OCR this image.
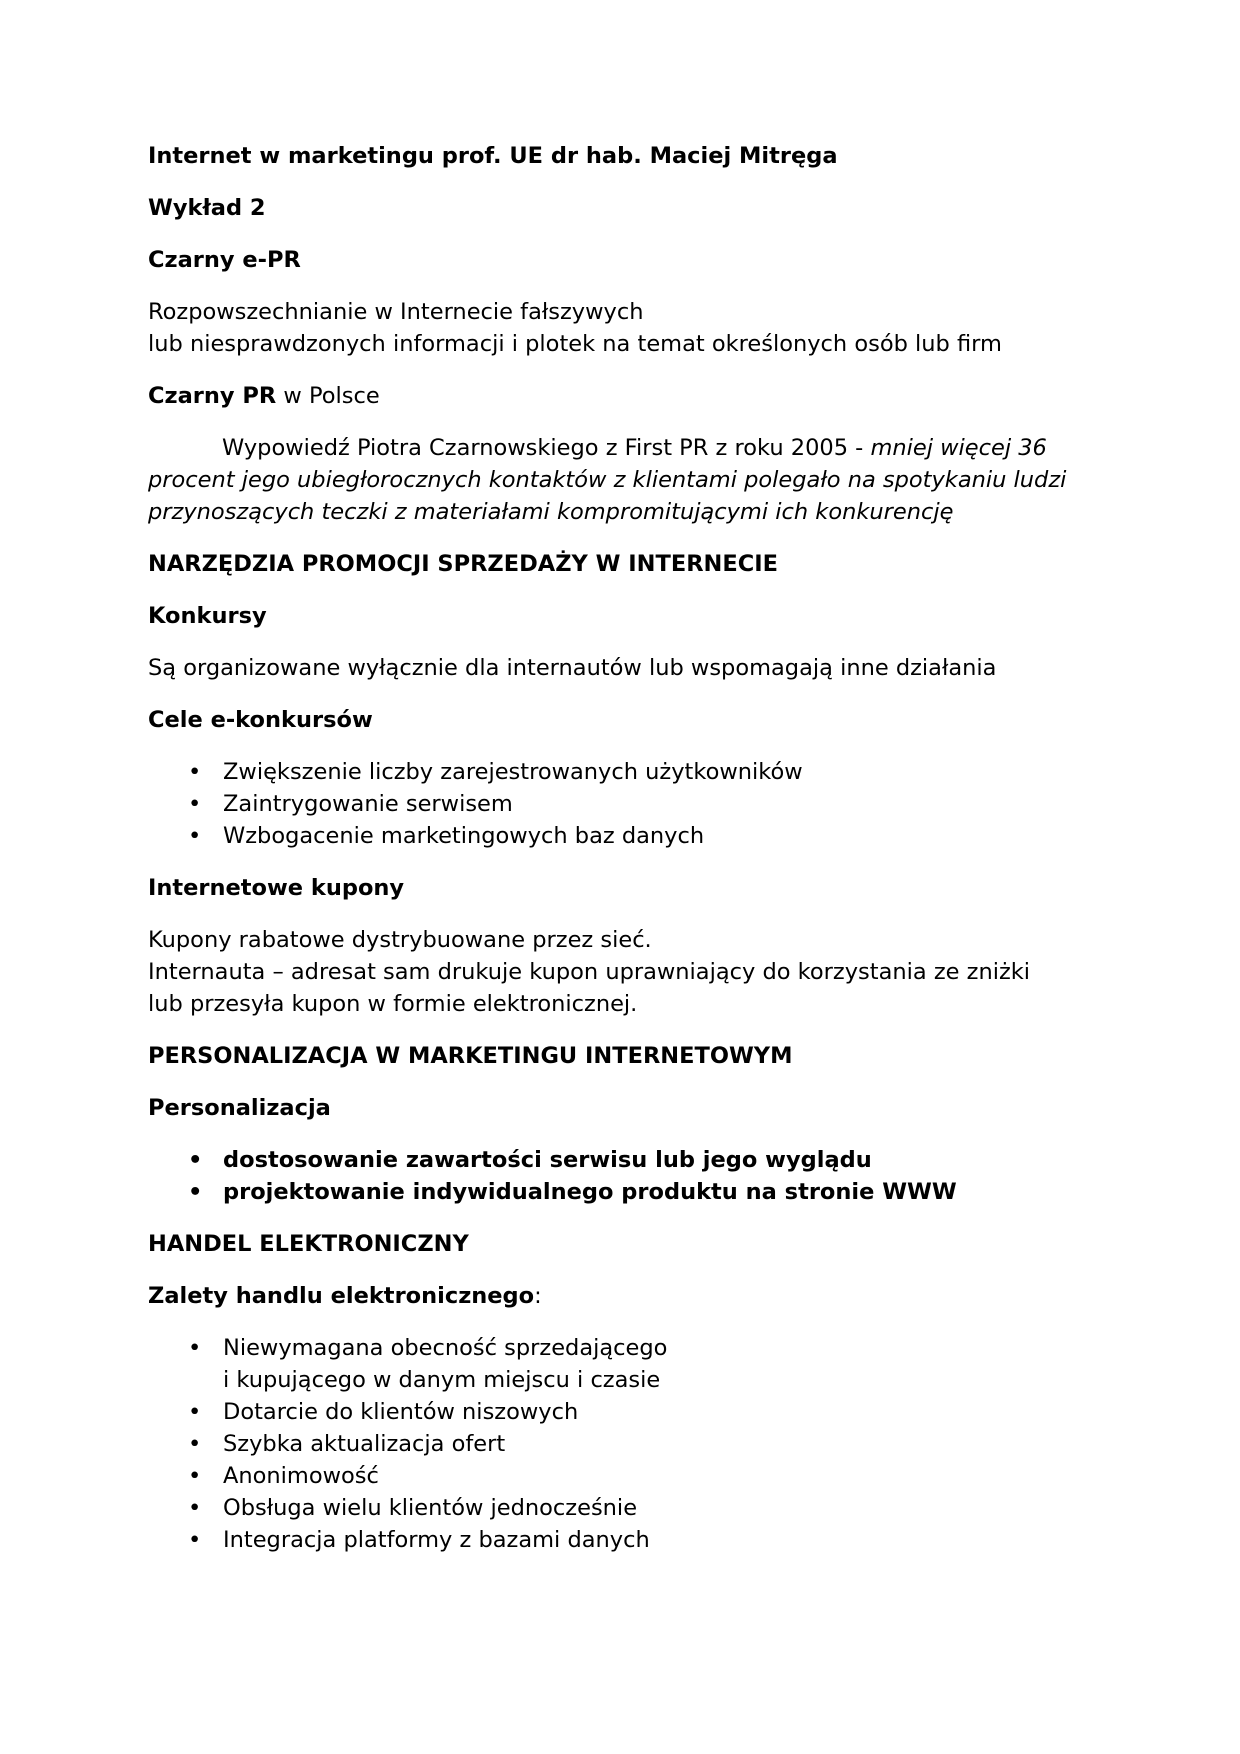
Internet w marketingu prof. UE dr hab. Maciej Mitręga

Wykład 2

Czarny e-PR

Rozpowszechnianie w Internecie fałszywych
lub niesprawdzonych informacji i plotek na temat określonych osób lub firm

Czarny PR w Polsce

Wypowiedź Piotra Czarnowskiego z First PR z roku 2005 - mniej więcej 36 procent jego ubiegłorocznych kontaktów z klientami polegało na spotykaniu ludzi przynoszących teczki z materiałami kompromitującymi ich konkurencję

NARZĘDZIA PROMOCJI SPRZEDAŻY W INTERNECIE

Konkursy

Są organizowane wyłącznie dla internautów lub wspomagają inne działania

Cele e-konkursów

• Zwiększenie liczby zarejestrowanych użytkowników
• Zaintrygowanie serwisem
• Wzbogacenie marketingowych baz danych

Internetowe kupony

Kupony rabatowe dystrybuowane przez sieć.
Internauta – adresat sam drukuje kupon uprawniający do korzystania ze zniżki
lub przesyła kupon w formie elektronicznej.

PERSONALIZACJA W MARKETINGU INTERNETOWYM

Personalizacja

• dostosowanie zawartości serwisu lub jego wyglądu
• projektowanie indywidualnego produktu na stronie WWW

HANDEL ELEKTRONICZNY

Zalety handlu elektronicznego:

• Niewymagana obecność sprzedającego
i kupującego w danym miejscu i czasie
• Dotarcie do klientów niszowych
• Szybka aktualizacja ofert
• Anonimowość
• Obsługa wielu klientów jednocześnie
• Integracja platformy z bazami danych
